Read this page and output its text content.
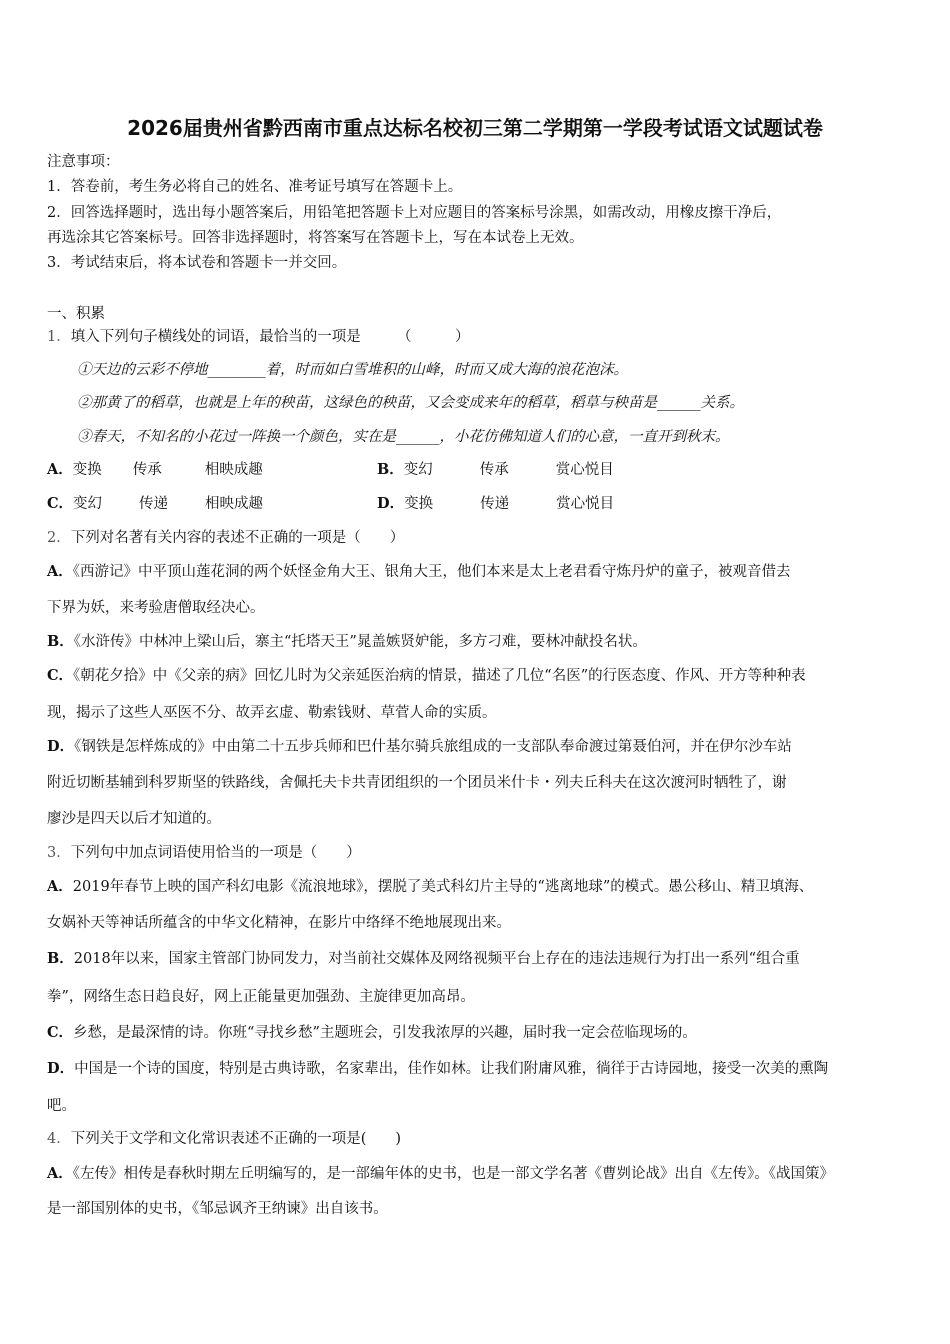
2026届贵州省黔西南市重点达标名校初三第二学期第一学段考试语文试题试卷
注意事项：
1．答卷前，考生务必将自己的姓名、准考证号填写在答题卡上。
2．回答选择题时，选出每小题答案后，用铅笔把答题卡上对应题目的答案标号涂黑，如需改动，用橡皮擦干净后，
再选涂其它答案标号。回答非选择题时，将答案写在答题卡上，写在本试卷上无效。
3．考试结束后，将本试卷和答题卡一并交回。
一、积累
1．填入下列句子横线处的词语，最恰当的一项是　　　（　　　）
①天边的云彩不停地________着，时而如白雪堆积的山峰，时而又成大海的浪花泡沫。
②那黄了的稻草，也就是上年的秧苗，这绿色的秧苗，又会变成来年的稻草，稻草与秧苗是______关系。
③春天，不知名的小花过一阵换一个颜色，实在是______，小花仿佛知道人们的心意，一直开到秋末。
A．变换 传承	相映成趣	B．变幻	传承	赏心悦目
C．变幻	传递	相映成趣	D．变换	传递	赏心悦目
2．下列对名著有关内容的表述不正确的一项是（　　）
A．《西游记》中平顶山莲花洞的两个妖怪金角大王、银角大王，他们本来是太上老君看守炼丹炉的童子，被观音借去
下界为妖，来考验唐僧取经决心。
B．《水浒传》中林冲上梁山后，寨主“托塔天王”晁盖嫉贤妒能，多方刁难，要林冲献投名状。
C．《朝花夕拾》中《父亲的病》回忆儿时为父亲延医治病的情景，描述了几位“名医”的行医态度、作风、开方等种种表
现，揭示了这些人巫医不分、故弄玄虚、勒索钱财、草菅人命的实质。
D．《钢铁是怎样炼成的》中由第二十五步兵师和巴什基尔骑兵旅组成的一支部队奉命渡过第聂伯河，并在伊尔沙车站
附近切断基辅到科罗斯坚的铁路线，舍佩托夫卡共青团组织的一个团员米什卡・列夫丘科夫在这次渡河时牺牲了，谢
廖沙是四天以后才知道的。
3．下列句中加点词语使用恰当的一项是（　　）
A．2019年春节上映的国产科幻电影《流浪地球》，摆脱了美式科幻片主导的“逃离地球”的模式。愚公移山、精卫填海、
女娲补天等神话所蕴含的中华文化精神，在影片中络绎不绝地展现出来。
B．2018年以来，国家主管部门协同发力，对当前社交媒体及网络视频平台上存在的违法违规行为打出一系列“组合重
拳”，网络生态日趋良好，网上正能量更加强劲、主旋律更加高昂。
C．乡愁，是最深情的诗。你班“寻找乡愁”主题班会，引发我浓厚的兴趣，届时我一定会莅临现场的。
D．中国是一个诗的国度，特别是古典诗歌，名家辈出，佳作如林。让我们附庸风雅，徜徉于古诗园地，接受一次美的熏陶
吧。
4．下列关于文学和文化常识表述不正确的一项是(　　)
A．《左传》相传是春秋时期左丘明编写的，是一部编年体的史书，也是一部文学名著《曹刿论战》出自《左传》。《战国策》
是一部国别体的史书，《邹忌讽齐王纳谏》出自该书。
